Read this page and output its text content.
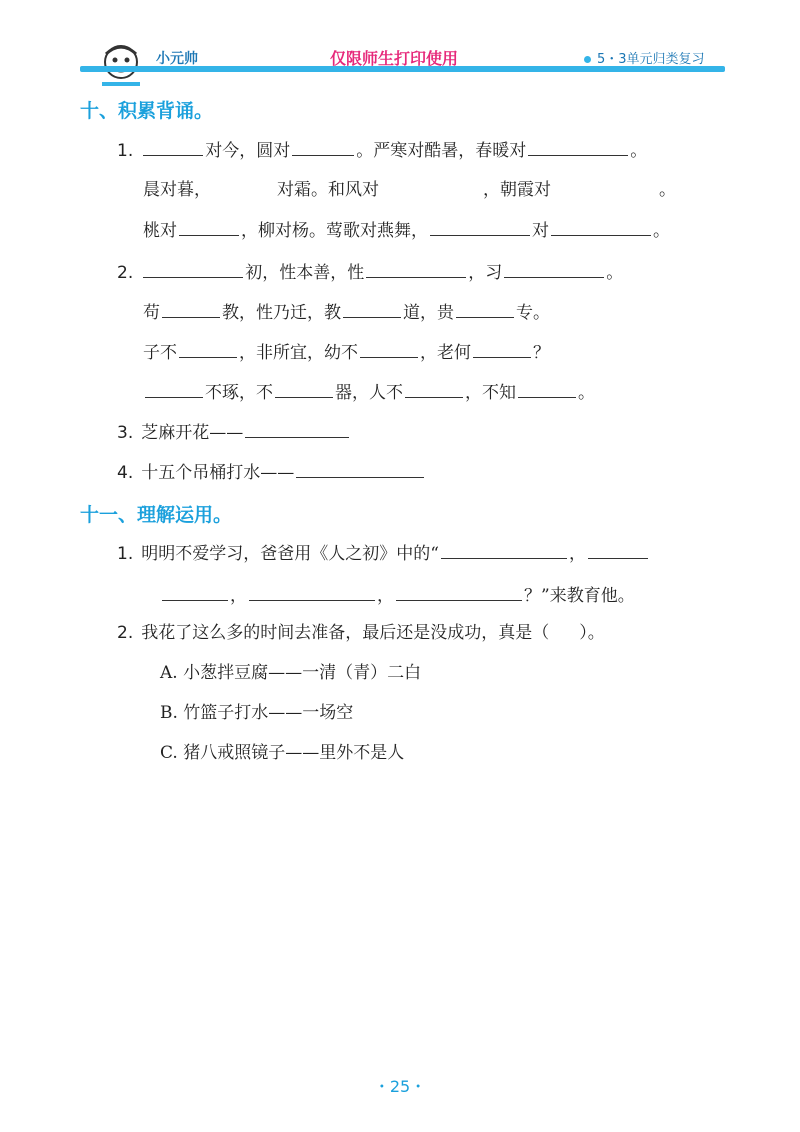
小元帅	仅限师生打印使用	5・3单元归类复习
十、积累背诵。
1.	对今，圆对	。严寒对酷暑，春暖对	。
晨对暮，	对霜。和风对	，朝霞对	。
桃对	，柳对杨。莺歌对燕舞，	对	。
2.	初，性本善，性	，习	。
苟	教，性乃迁，教	道，贵	专。
子不	，非所宜，幼不	，老何	？
不琢，不	器，人不	，不知	。
3. 芝麻开花——
4. 十五个吊桶打水——
十一、理解运用。
1. 明明不爱学习，爸爸用《人之初》中的“	，
，	，	？”来教育他。
2. 我花了这么多的时间去准备，最后还是没成功，真是（ ）。
A. 小葱拌豆腐——一清（青）二白
B. 竹篮子打水——一场空
C. 猪八戒照镜子——里外不是人
・25・
